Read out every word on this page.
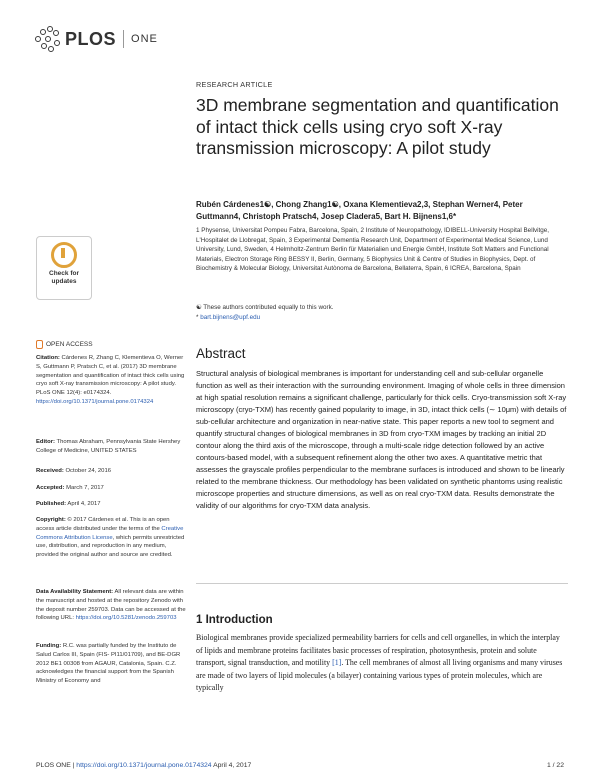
PLOS ONE
RESEARCH ARTICLE
3D membrane segmentation and quantification of intact thick cells using cryo soft X-ray transmission microscopy: A pilot study
Rubén Cárdenes1☯, Chong Zhang1☯, Oxana Klementieva2,3, Stephan Werner4, Peter Guttmann4, Christoph Pratsch4, Josep Cladera5, Bart H. Bijnens1,6*
1 Physense, Universitat Pompeu Fabra, Barcelona, Spain, 2 Institute of Neuropathology, IDIBELL-University Hospital Bellvitge, L'Hospitalet de Llobregat, Spain, 3 Experimental Dementia Research Unit, Department of Experimental Medical Science, Lund University, Lund, Sweden, 4 Helmholtz-Zentrum Berlin für Materialien und Energie GmbH, Institute Soft Matters and Functional Materials, Electron Storage Ring BESSY II, Berlin, Germany, 5 Biophysics Unit & Centre of Studies in Biophysics, Dept. of Biochemistry & Molecular Biology, Universitat Autònoma de Barcelona, Bellaterra, Spain, 6 ICREA, Barcelona, Spain
☯ These authors contributed equally to this work.
* bart.bijnens@upf.edu
Check for
updates
OPEN ACCESS
Citation: Cárdenes R, Zhang C, Klementieva O, Werner S, Guttmann P, Pratsch C, et al. (2017) 3D membrane segmentation and quantification of intact thick cells using cryo soft X-ray transmission microscopy: A pilot study. PLoS ONE 12(4): e0174324. https://doi.org/10.1371/journal.pone.0174324
Editor: Thomas Abraham, Pennsylvania State Hershey College of Medicine, UNITED STATES
Received: October 24, 2016
Accepted: March 7, 2017
Published: April 4, 2017
Copyright: © 2017 Cárdenes et al. This is an open access article distributed under the terms of the Creative Commons Attribution License, which permits unrestricted use, distribution, and reproduction in any medium, provided the original author and source are credited.
Data Availability Statement: All relevant data are within the manuscript and hosted at the repository Zenodo with the deposit number 259703. Data can be accessed at the following URL: https://doi.org/10.5281/zenodo.259703
Funding: R.C. was partially funded by the Instituto de Salud Carlos III, Spain (FIS- PI11/01709), and BE-DGR 2012 BE1 00308 from AGAUR, Catalonia, Spain. C.Z. acknowledges the financial support from the Spanish Ministry of Economy and
Abstract
Structural analysis of biological membranes is important for understanding cell and sub-cellular organelle function as well as their interaction with the surrounding environment. Imaging of whole cells in three dimension at high spatial resolution remains a significant challenge, particularly for thick cells. Cryo-transmission soft X-ray microscopy (cryo-TXM) has recently gained popularity to image, in 3D, intact thick cells (∼ 10μm) with details of sub-cellular architecture and organization in near-native state. This paper reports a new tool to segment and quantify structural changes of biological membranes in 3D from cryo-TXM images by tracking an initial 2D contour along the third axis of the microscope, through a multi-scale ridge detection followed by an active contours-based model, with a subsequent refinement along the other two axes. A quantitative metric that assesses the grayscale profiles perpendicular to the membrane surfaces is introduced and shown to be linearly related to the membrane thickness. Our methodology has been validated on synthetic phantoms using realistic microscope properties and structure dimensions, as well as on real cryo-TXM data. Results demonstrate the validity of our algorithms for cryo-TXM data analysis.
1 Introduction
Biological membranes provide specialized permeability barriers for cells and cell organelles, in which the interplay of lipids and membrane proteins facilitates basic processes of respiration, photosynthesis, protein and solute transport, signal transduction, and motility [1]. The cell membranes of almost all living organisms and many viruses are made of two layers of lipid molecules (a bilayer) containing various types of protein molecules, which are typically
PLOS ONE | https://doi.org/10.1371/journal.pone.0174324 April 4, 2017	1 / 22
